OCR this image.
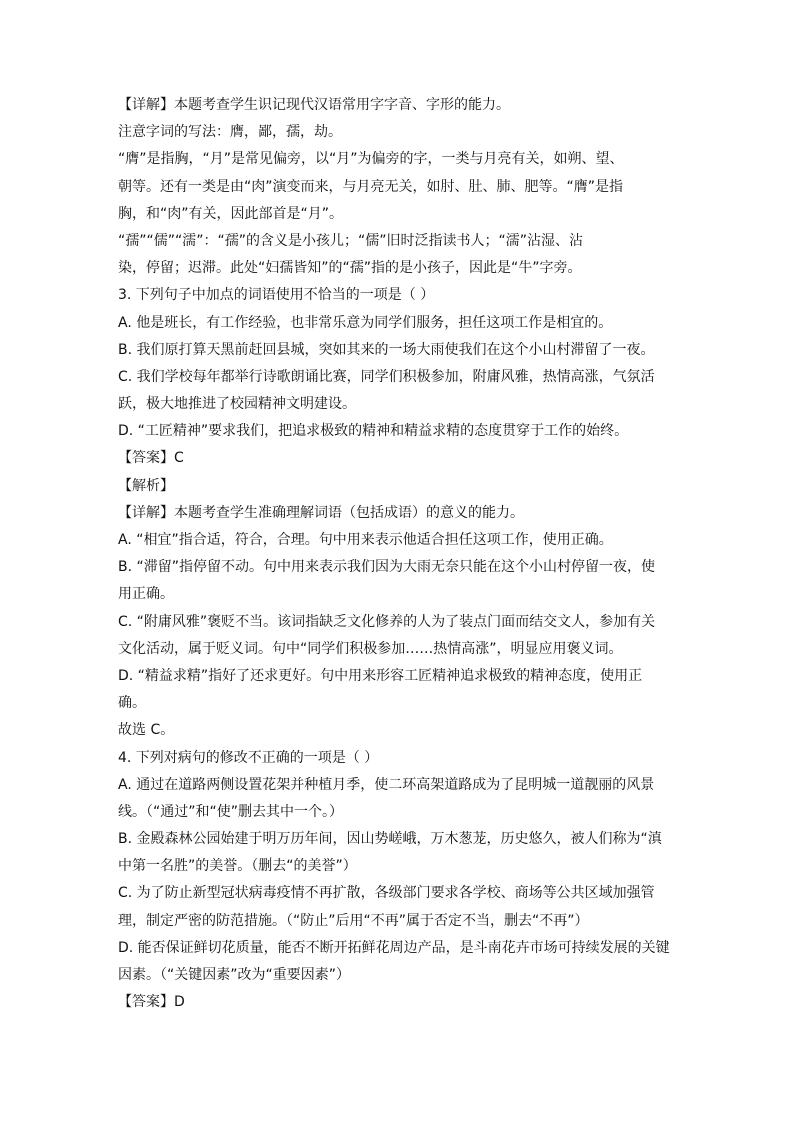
【详解】本题考查学生识记现代汉语常用字字音、字形的能力。
注意字词的写法：膺，鄙，孺，劫。
“膺”是指胸，“月”是常见偏旁，以“月”为偏旁的字，一类与月亮有关，如朔、望、
朝等。还有一类是由“肉”演变而来，与月亮无关，如肘、肚、肺、肥等。“膺”是指
胸，和“肉”有关，因此部首是“月”。
“孺”“儒”“濡”：“孺”的含义是小孩儿；“儒”旧时泛指读书人；“濡”沾湿、沾
染，停留；迟滞。此处“妇孺皆知”的“孺”指的是小孩子，因此是“牛”字旁。
3. 下列句子中加点的词语使用不恰当的一项是（ ）
A. 他是班长，有工作经验，也非常乐意为同学们服务，担任这项工作是相宜的。
B. 我们原打算天黑前赶回县城，突如其来的一场大雨使我们在这个小山村滞留了一夜。
C. 我们学校每年都举行诗歌朗诵比赛，同学们积极参加，附庸风雅，热情高涨，气氛活
跃，极大地推进了校园精神文明建设。
D. “工匠精神”要求我们，把追求极致的精神和精益求精的态度贯穿于工作的始终。
【答案】C
【解析】
【详解】本题考查学生准确理解词语（包括成语）的意义的能力。
A. “相宜”指合适，符合，合理。句中用来表示他适合担任这项工作，使用正确。
B. “滞留”指停留不动。句中用来表示我们因为大雨无奈只能在这个小山村停留一夜，使
用正确。
C. “附庸风雅”褒贬不当。该词指缺乏文化修养的人为了装点门面而结交文人，参加有关
文化活动，属于贬义词。句中“同学们积极参加……热情高涨”，明显应用褒义词。
D. “精益求精”指好了还求更好。句中用来形容工匠精神追求极致的精神态度，使用正
确。
故选 C。
4. 下列对病句的修改不正确的一项是（ ）
A. 通过在道路两侧设置花架并种植月季，使二环高架道路成为了昆明城一道靓丽的风景
线。（“通过”和“使”删去其中一个。）
B. 金殿森林公园始建于明万历年间，因山势嵯峨，万木葱茏，历史悠久，被人们称为“滇
中第一名胜”的美誉。（删去“的美誉”）
C. 为了防止新型冠状病毒疫情不再扩散，各级部门要求各学校、商场等公共区域加强管
理，制定严密的防范措施。（“防止”后用“不再”属于否定不当，删去“不再”）
D. 能否保证鲜切花质量，能否不断开拓鲜花周边产品，是斗南花卉市场可持续发展的关键
因素。（“关键因素”改为“重要因素”）
【答案】D
